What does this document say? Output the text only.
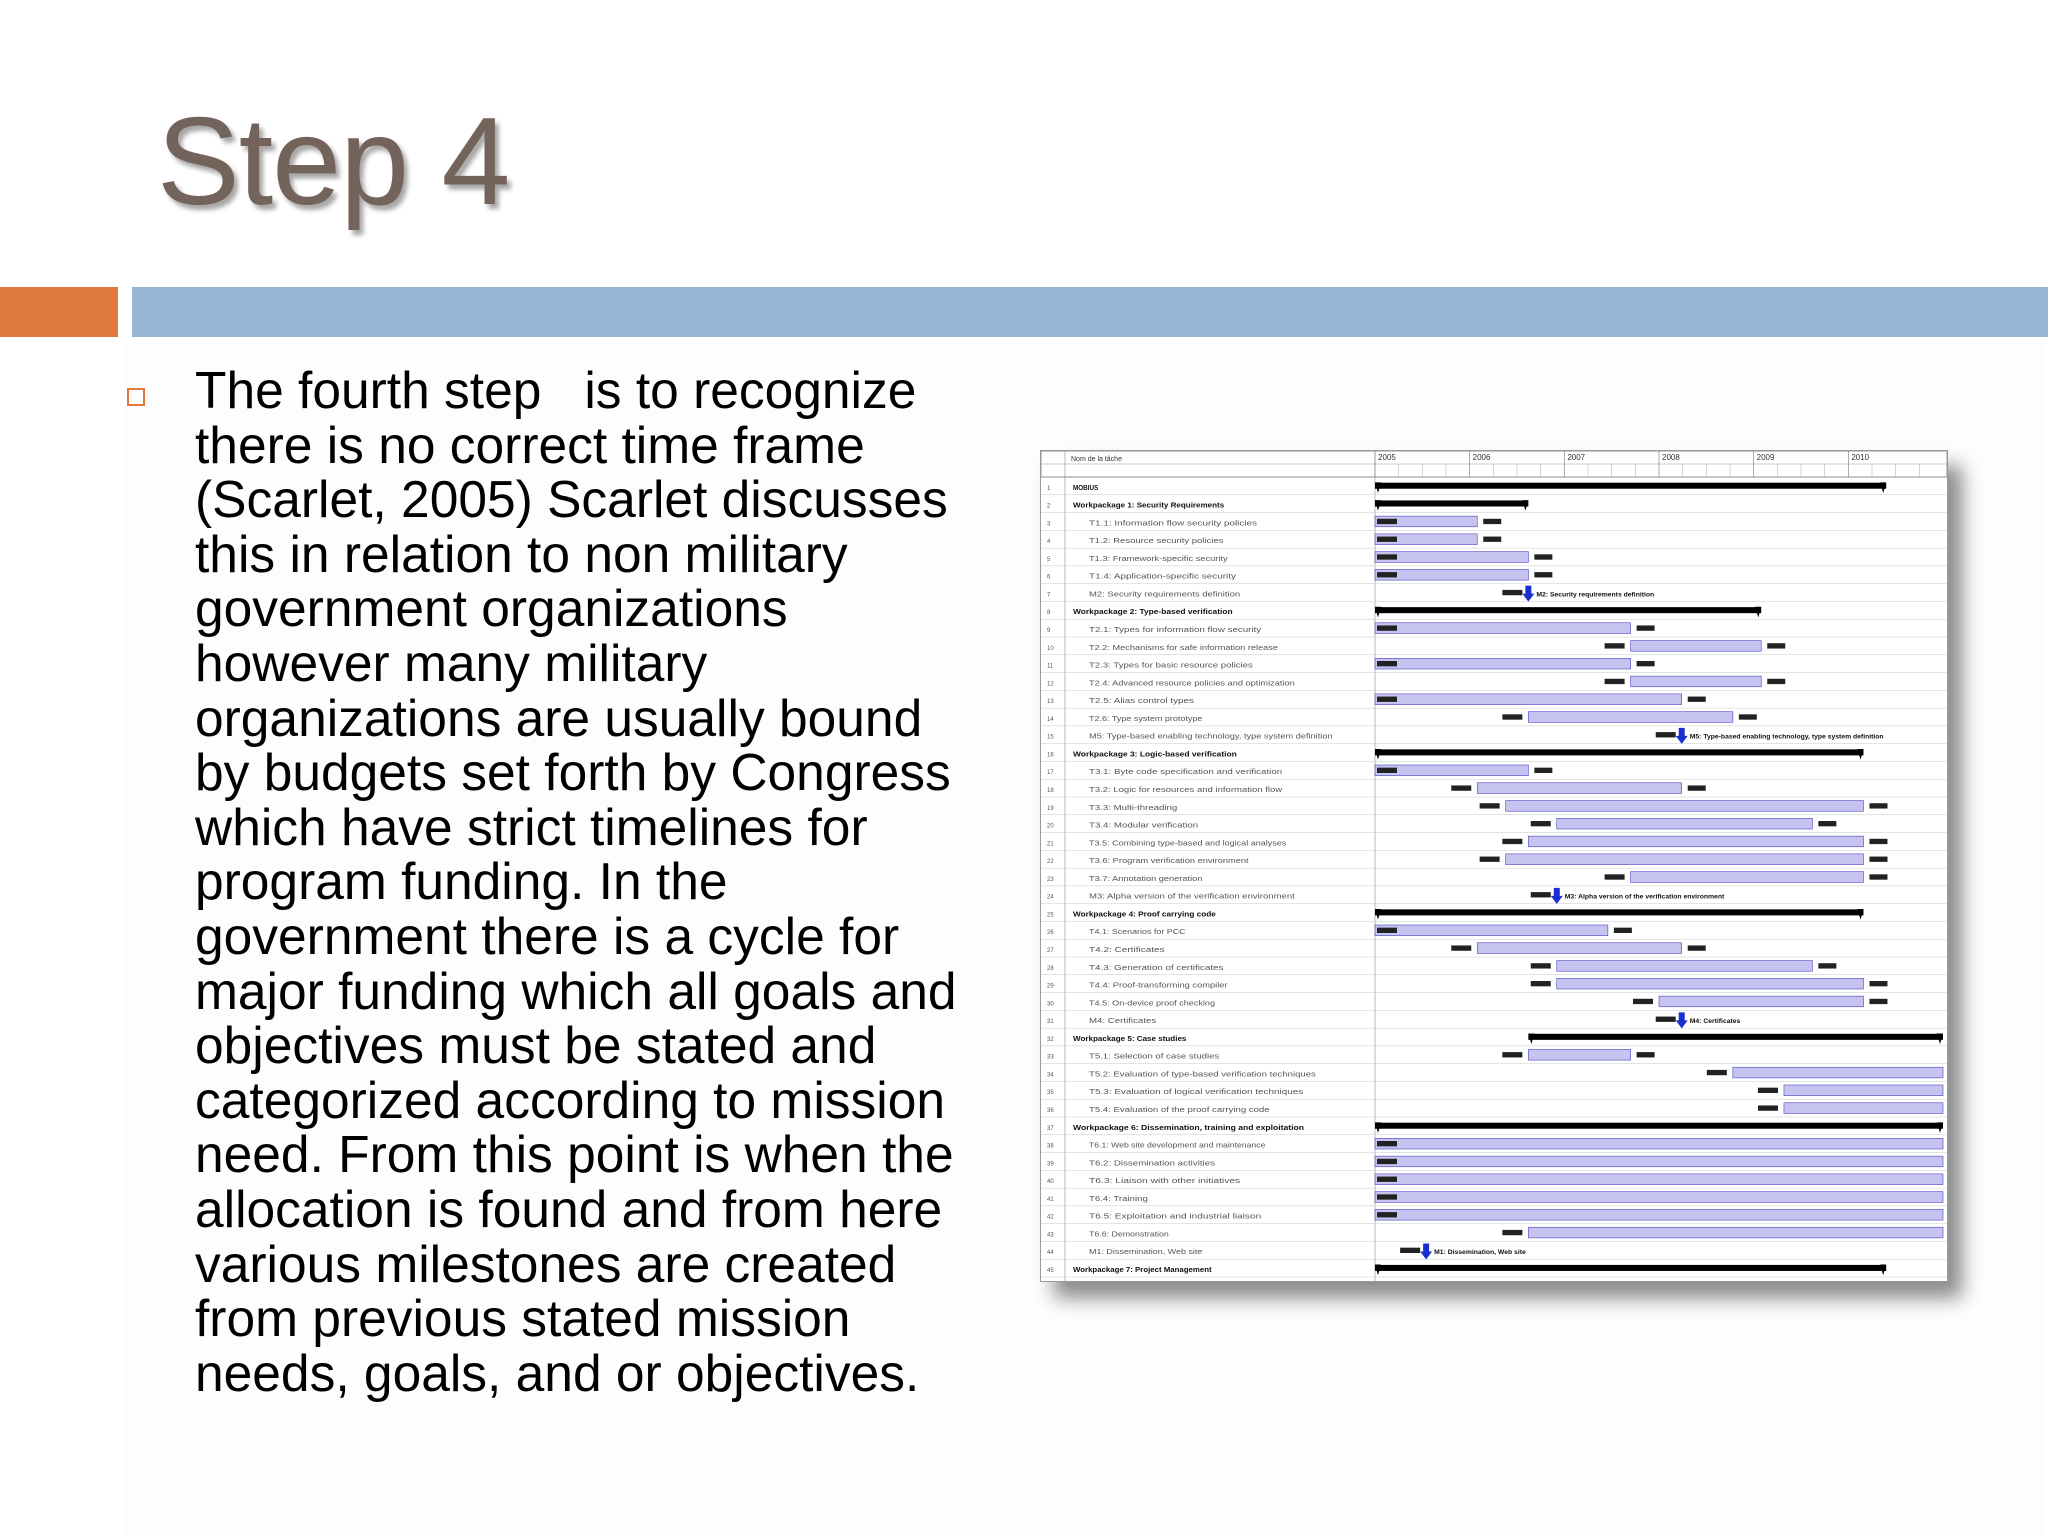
Step 4
The fourth step   is to recognize there is no correct time frame (Scarlet, 2005) Scarlet discusses this in relation to non military government organizations however many military organizations are usually bound by budgets set forth by Congress which have strict timelines for program funding. In the government there is a cycle for major funding which all goals and objectives must be stated and categorized according to mission need. From this point is when the allocation is found and from here various milestones are created from previous stated mission needs, goals, and or objectives.
Nom de la tâche	2005	2006	2007	2008	2009	2010
1	MOBIUS
2	Workpackage 1: Security Requirements
3	T1.1: Information flow security policies
4	T1.2: Resource security policies
5	T1.3: Framework-specific security
6	T1.4: Application-specific security
7	M2: Security requirements definition	M2: Security requirements definition
8	Workpackage 2: Type-based verification
9	T2.1: Types for information flow security
10	T2.2: Mechanisms for safe information release
11	T2.3: Types for basic resource policies
12	T2.4: Advanced resource policies and optimization
13	T2.5: Alias control types
14	T2.6: Type system prototype
15	M5: Type-based enabling technology, type system definition	M5: Type-based enabling technology, type system definition
16	Workpackage 3: Logic-based verification
17	T3.1: Byte code specification and verification
18	T3.2: Logic for resources and information flow
19	T3.3: Multi-threading
20	T3.4: Modular verification
21	T3.5: Combining type-based and logical analyses
22	T3.6: Program verification environment
23	T3.7: Annotation generation
24	M3: Alpha version of the verification environment	M3: Alpha version of the verification environment
25	Workpackage 4: Proof carrying code
26	T4.1: Scenarios for PCC
27	T4.2: Certificates
28	T4.3: Generation of certificates
29	T4.4: Proof-transforming compiler
30	T4.5: On-device proof checking
31	M4: Certificates	M4: Certificates
32	Workpackage 5: Case studies
33	T5.1: Selection of case studies
34	T5.2: Evaluation of type-based verification techniques
35	T5.3: Evaluation of logical verification techniques
36	T5.4: Evaluation of the proof carrying code
37	Workpackage 6: Dissemination, training and exploitation
38	T6.1: Web site development and maintenance
39	T6.2: Dissemination activities
40	T6.3: Liaison with other initiatives
41	T6.4: Training
42	T6.5: Exploitation and industrial liaison
43	T6.6: Demonstration
44	M1: Dissemination, Web site	M1: Dissemination, Web site
45	Workpackage 7: Project Management
